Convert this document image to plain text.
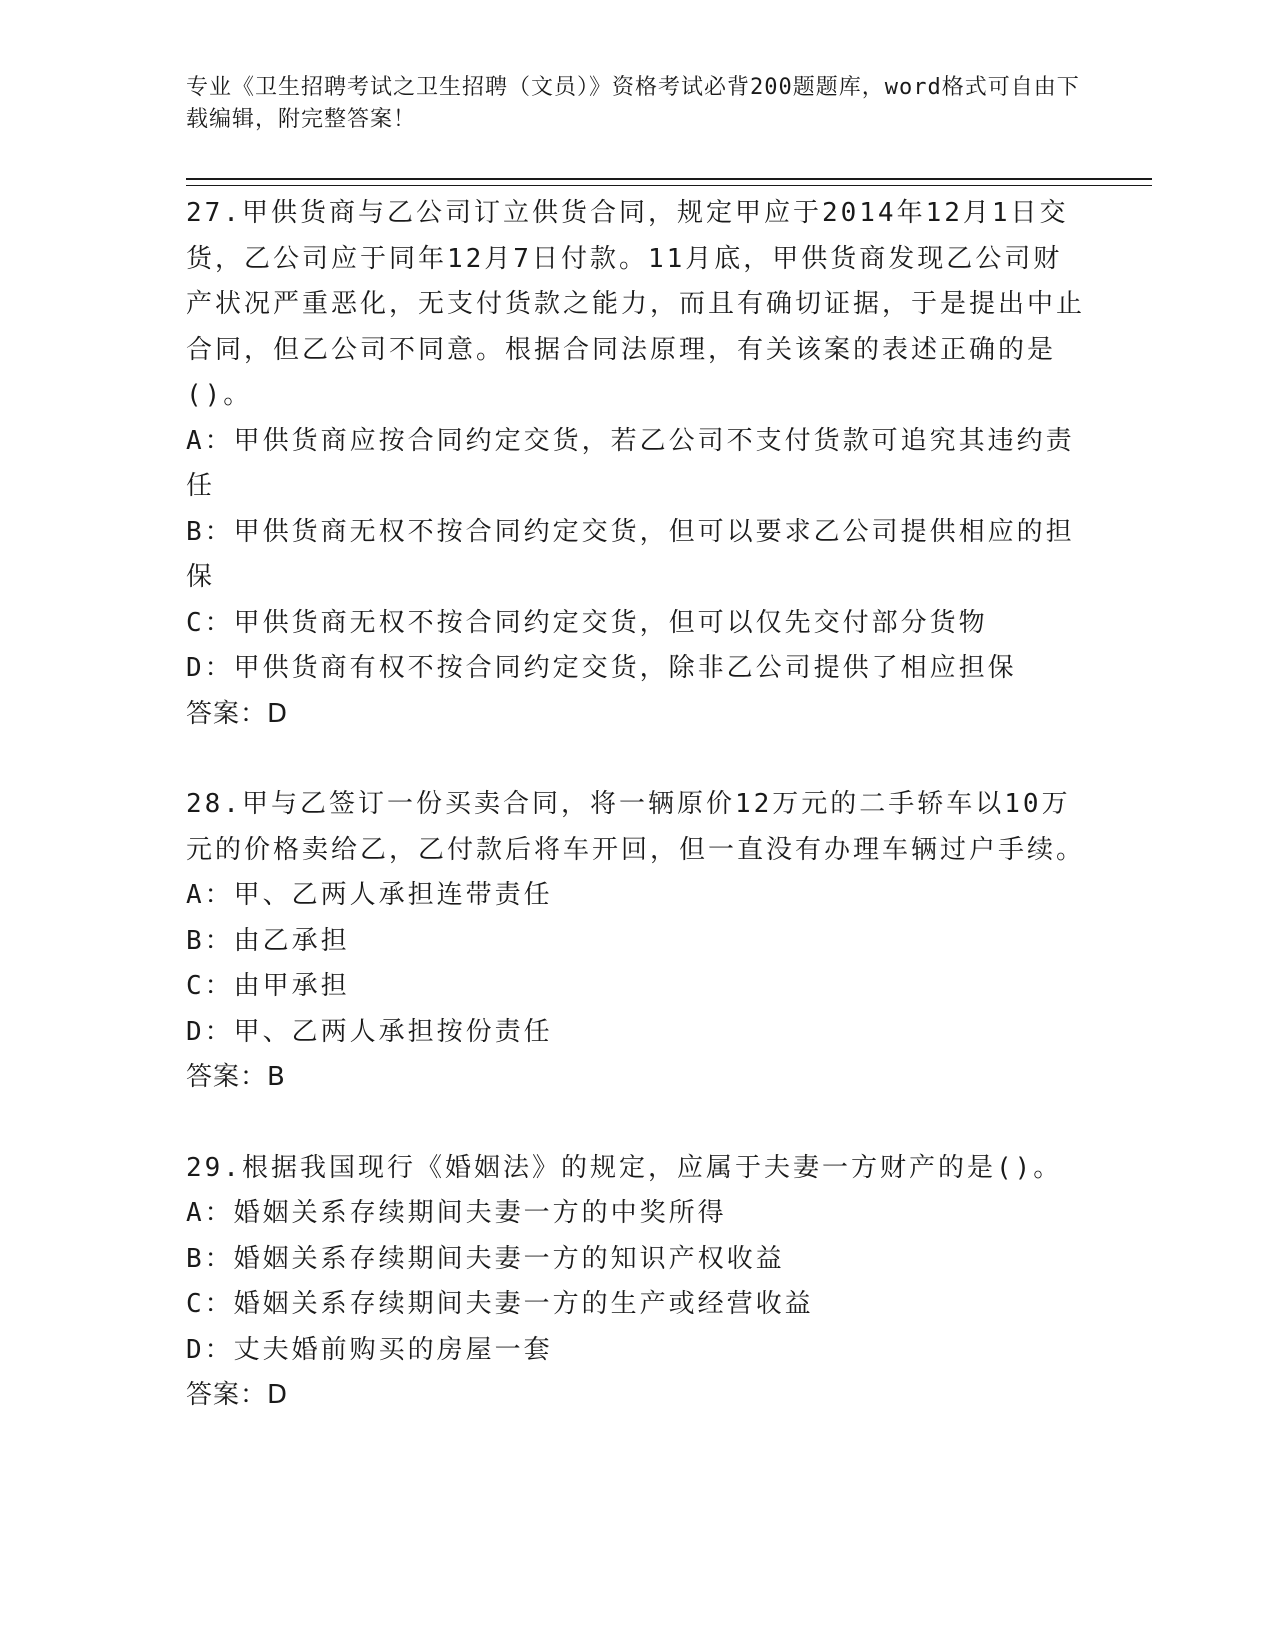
专业《卫生招聘考试之卫生招聘（文员）》资格考试必背200题题库，word格式可自由下载编辑，附完整答案！

27.甲供货商与乙公司订立供货合同，规定甲应于2014年12月1日交货，乙公司应于同年12月7日付款。11月底，甲供货商发现乙公司财产状况严重恶化，无支付货款之能力，而且有确切证据，于是提出中止合同，但乙公司不同意。根据合同法原理，有关该案的表述正确的是()。

A：甲供货商应按合同约定交货，若乙公司不支付货款可追究其违约责任

B：甲供货商无权不按合同约定交货，但可以要求乙公司提供相应的担保

C：甲供货商无权不按合同约定交货，但可以仅先交付部分货物

D：甲供货商有权不按合同约定交货，除非乙公司提供了相应担保

答案：D

28.甲与乙签订一份买卖合同，将一辆原价12万元的二手轿车以10万元的价格卖给乙，乙付款后将车开回，但一直没有办理车辆过户手续。

A：甲、乙两人承担连带责任

B：由乙承担

C：由甲承担

D：甲、乙两人承担按份责任

答案：B

29.根据我国现行《婚姻法》的规定，应属于夫妻一方财产的是()。

A：婚姻关系存续期间夫妻一方的中奖所得

B：婚姻关系存续期间夫妻一方的知识产权收益

C：婚姻关系存续期间夫妻一方的生产或经营收益

D：丈夫婚前购买的房屋一套

答案：D
